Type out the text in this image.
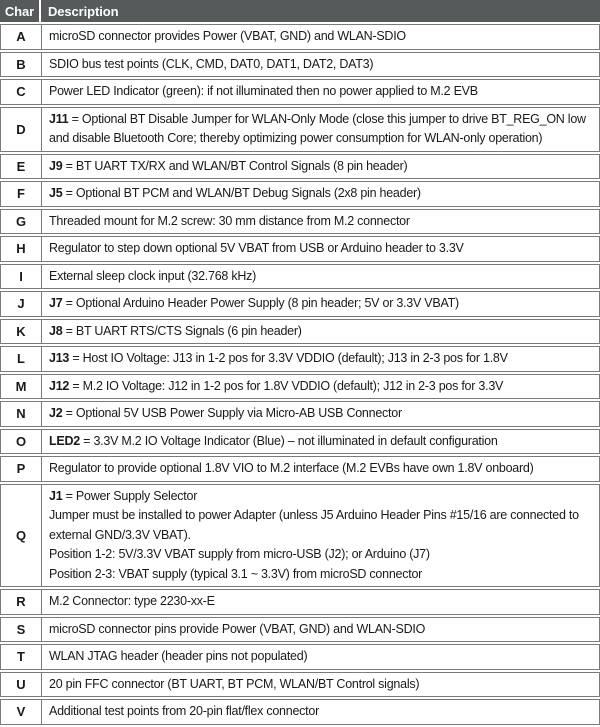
Char	Description
A	microSD connector provides Power (VBAT, GND) and WLAN-SDIO

B	SDIO bus test points (CLK, CMD, DAT0, DAT1, DAT2, DAT3)

C	Power LED Indicator (green): if not illuminated then no power applied to M.2 EVB

D	J11 = Optional BT Disable Jumper for WLAN-Only Mode (close this jumper to drive BT_REG_ON low and disable Bluetooth Core; thereby optimizing power consumption for WLAN-only operation)

E	J9 = BT UART TX/RX and WLAN/BT Control Signals (8 pin header)

F	J5 = Optional BT PCM and WLAN/BT Debug Signals (2x8 pin header)

G	Threaded mount for M.2 screw: 30 mm distance from M.2 connector

H	Regulator to step down optional 5V VBAT from USB or Arduino header to 3.3V

I	External sleep clock input (32.768 kHz)

J	J7 = Optional Arduino Header Power Supply (8 pin header; 5V or 3.3V VBAT)

K	J8 = BT UART RTS/CTS Signals (6 pin header)

L	J13 = Host IO Voltage: J13 in 1-2 pos for 3.3V VDDIO (default); J13 in 2-3 pos for 1.8V

M	J12 = M.2 IO Voltage: J12 in 1-2 pos for 1.8V VDDIO (default); J12 in 2-3 pos for 3.3V

N	J2 = Optional 5V USB Power Supply via Micro-AB USB Connector

O	LED2 = 3.3V M.2 IO Voltage Indicator (Blue) – not illuminated in default configuration

P	Regulator to provide optional 1.8V VIO to M.2 interface (M.2 EVBs have own 1.8V onboard)

Q	J1 = Power Supply Selector

Jumper must be installed to power Adapter (unless J5 Arduino Header Pins #15/16 are connected to external GND/3.3V VBAT).

Position 1-2: 5V/3.3V VBAT supply from micro-USB (J2); or Arduino (J7)

Position 2-3: VBAT supply (typical 3.1 ~ 3.3V) from microSD connector

R	M.2 Connector: type 2230-xx-E

S	microSD connector pins provide Power (VBAT, GND) and WLAN-SDIO

T	WLAN JTAG header (header pins not populated)

U	20 pin FFC connector (BT UART, BT PCM, WLAN/BT Control signals)

V	Additional test points from 20-pin flat/flex connector
